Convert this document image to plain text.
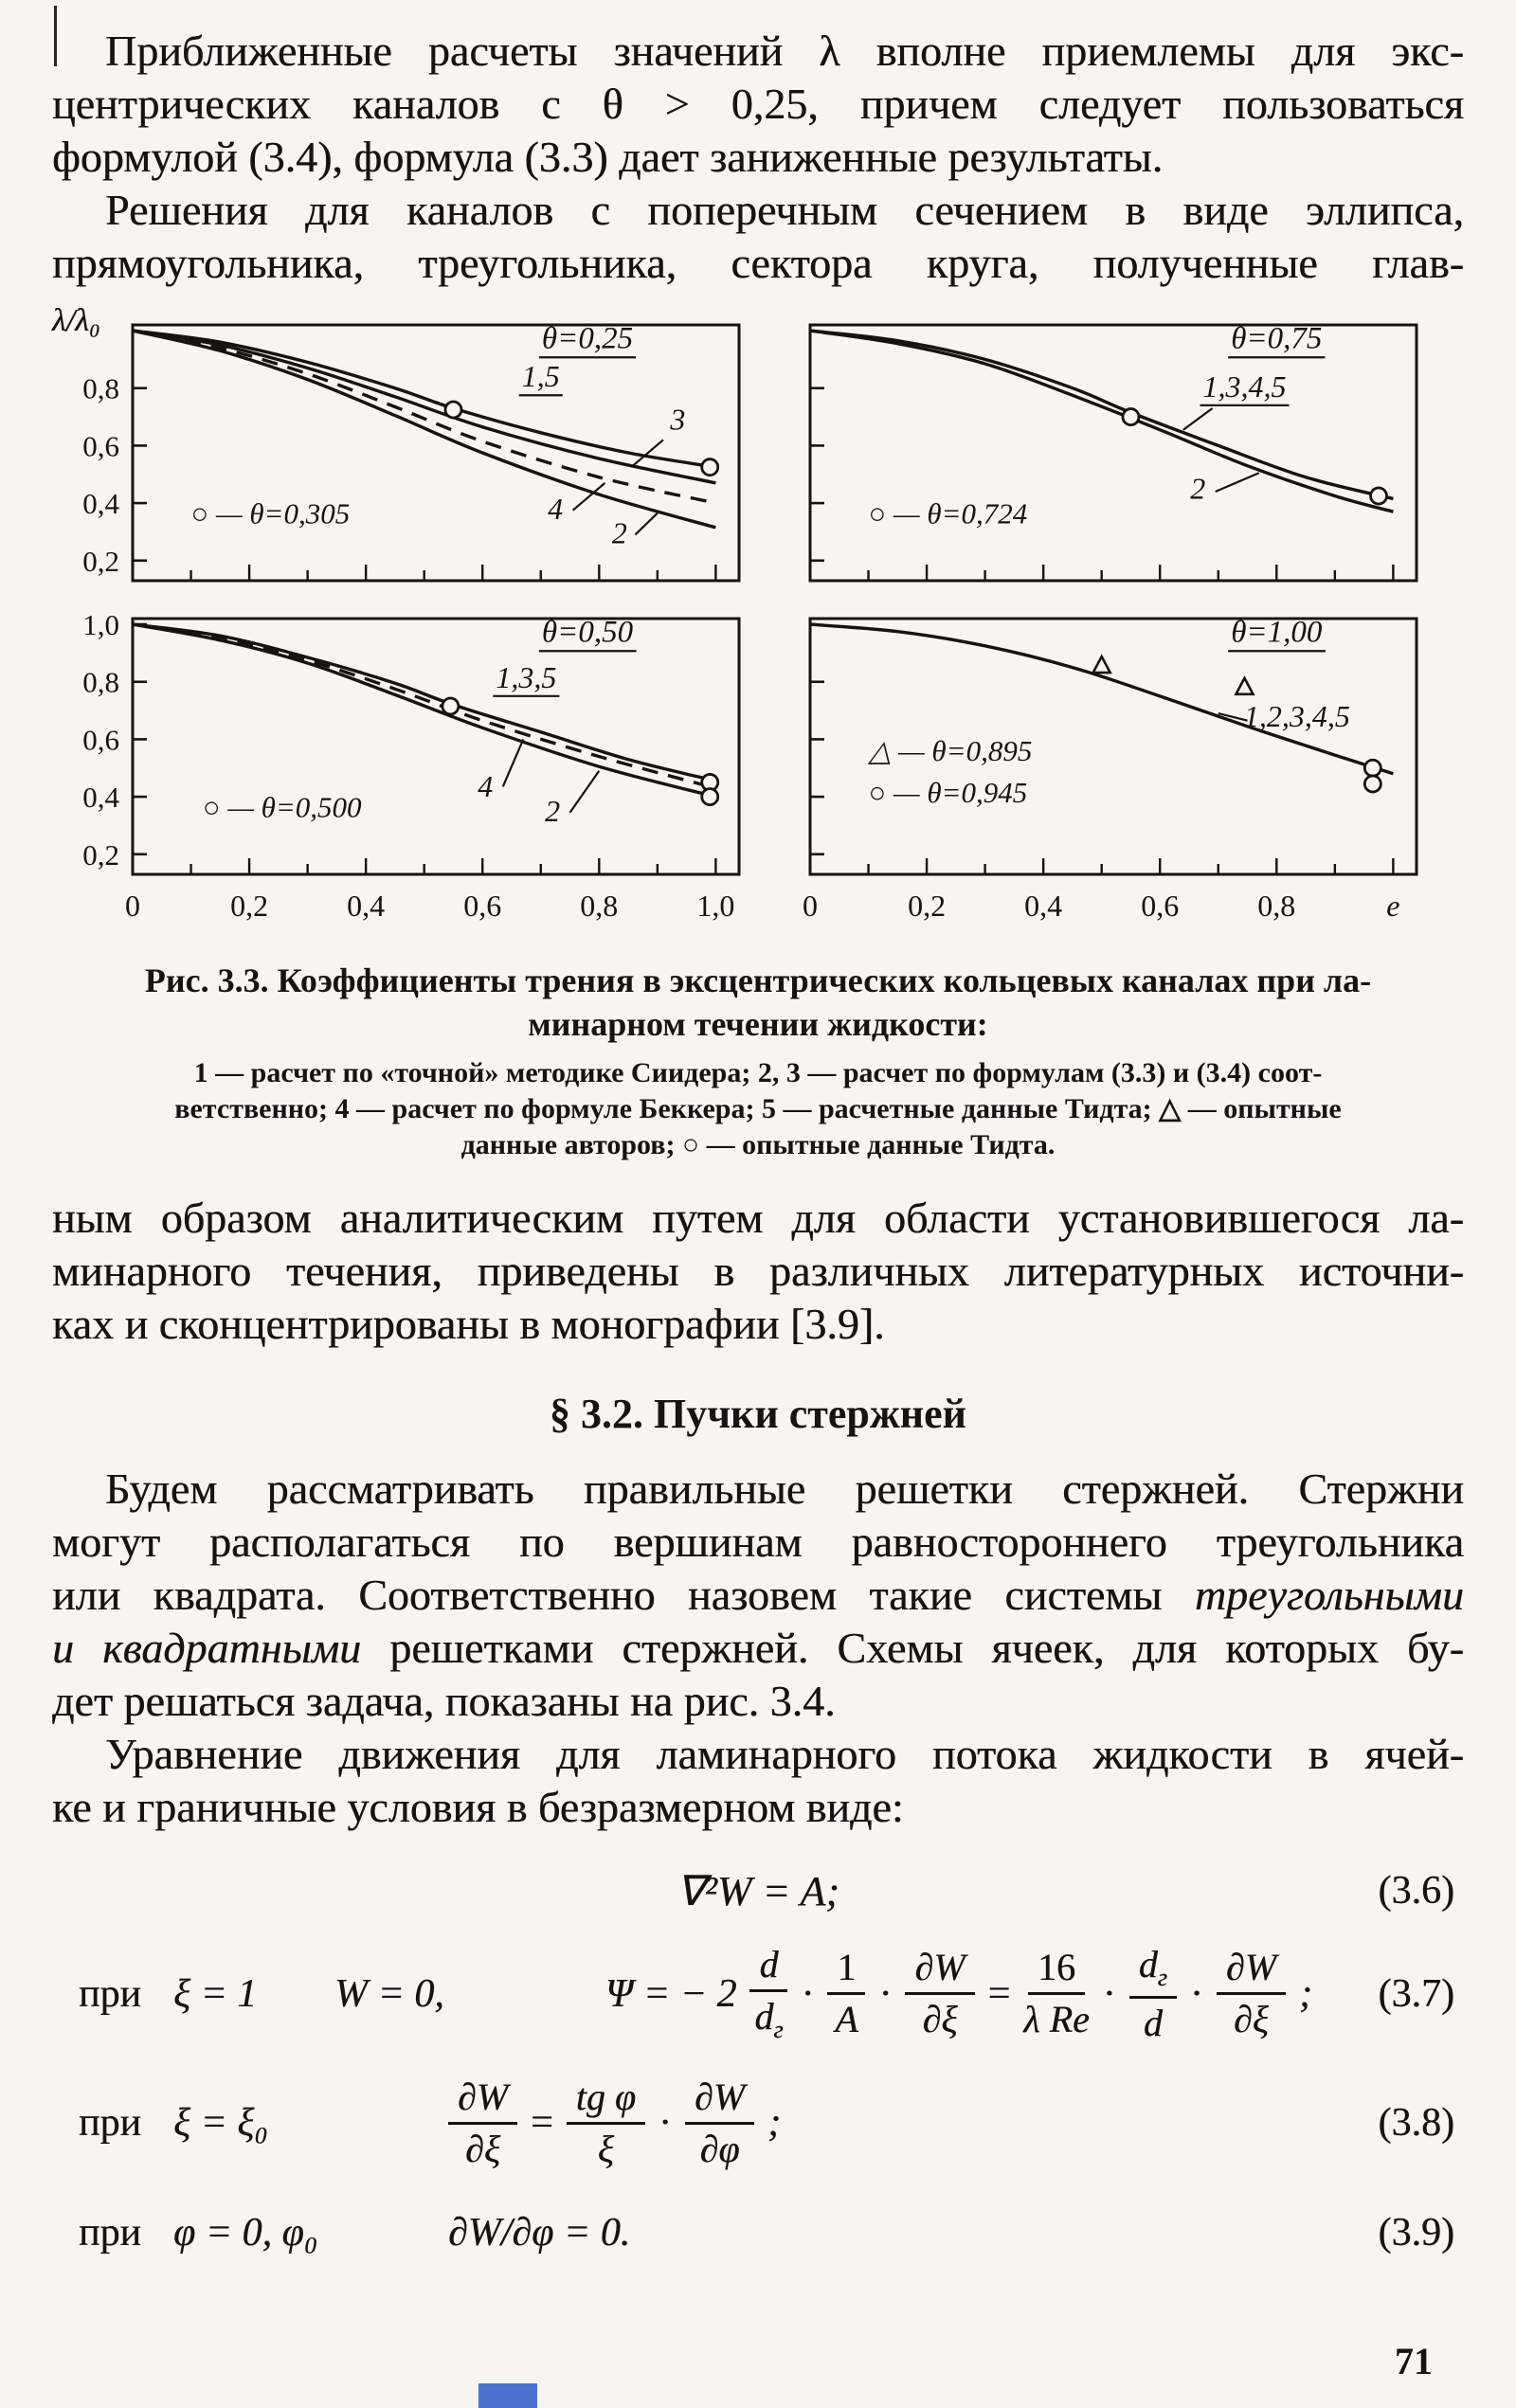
Приближенные расчеты значений λ вполне приемлемы для экс-
центрических каналов с θ > 0,25, причем следует пользоваться
формулой (3.4), формула (3.3) дает заниженные результаты.

Решения для каналов с поперечным сечением в виде эллипса,
прямоугольника, треугольника, сектора круга, полученные глав-

λ/λ₀
0,8
0,6
0,4
0,2
1,5
3
4
2
θ=0,25
○ — θ=0,305
1,3,4,5
2
θ=0,75
○ — θ=0,724
1,0
0,8
0,6
0,4
0,2
0	0,2	0,4	0,6	0,8	1,0
1,3,5
4
2
θ=0,50
○ — θ=0,500
0	0,2	0,4	0,6	0,8	е
1,2,3,4,5
θ=1,00
△ — θ=0,895
○ — θ=0,945
Рис. 3.3. Коэффициенты трения в эксцентрических кольцевых каналах при ла-
минарном течении жидкости:
1 — расчет по «точной» методике Сиидера; 2, 3 — расчет по формулам (3.3) и (3.4) соот-
ветственно; 4 — расчет по формуле Беккера; 5 — расчетные данные Тидта; △ — опытные
данные авторов; ○ — опытные данные Тидта.

ным образом аналитическим путем для области установившегося ла-
минарного течения, приведены в различных литературных источни-
ках и сконцентрированы в монографии [3.9].

§ 3.2. Пучки стержней

Будем рассматривать правильные решетки стержней. Стержни
могут располагаться по вершинам равностороннего треугольника
или квадрата. Соответственно назовем такие системы треугольными
и квадратными решетками стержней. Схемы ячеек, для которых бу-
дет решаться задача, показаны на рис. 3.4.

Уравнение движения для ламинарного потока жидкости в ячей-
ке и граничные условия в безразмерном виде:

∇²W = A;	(3.6)
при ξ = 1	W = 0,	Ψ = − $2 \frac{d}{d_г} \cdot \frac{1}{A} \cdot \frac{\partial W}{\partial\xi} = \frac{16}{\text{λ Re}} \cdot \frac{d_г}{d} \cdot \frac{\partial W}{\partial\xi}$ ; (3.7)
при ξ = ξ₀	$\frac{\partial W}{\partial\xi} = \frac{\text{tg φ}}{\xi} \cdot \frac{\partial W}{\partial\varphi}$ ;	(3.8)
при φ = 0, φ₀	∂W/∂φ = 0.	(3.9)
71
